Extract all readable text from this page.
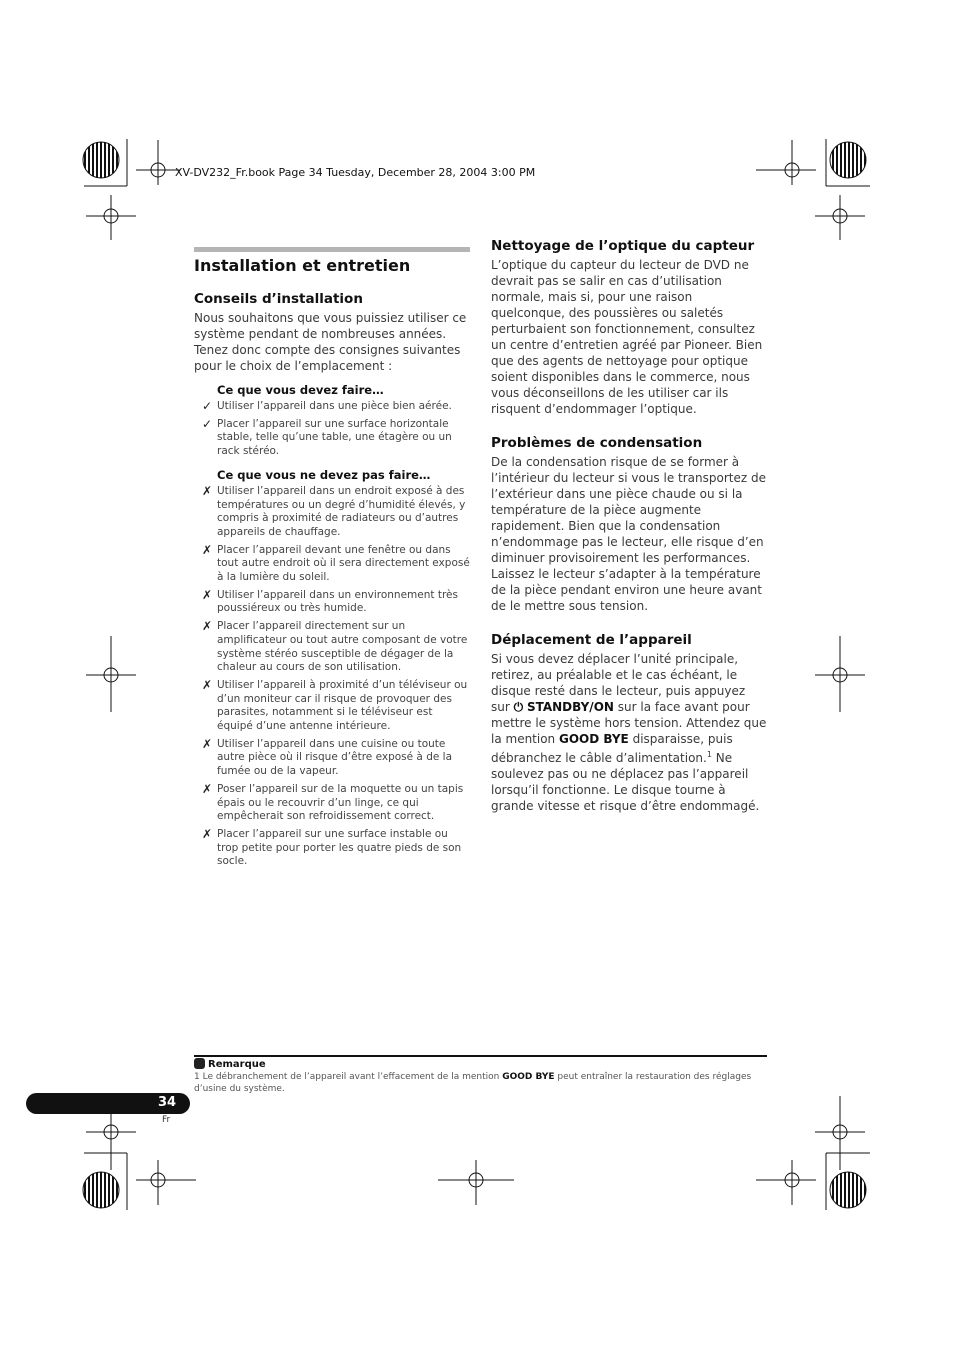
XV-DV232_Fr.book Page 34 Tuesday, December 28, 2004 3:00 PM
Installation et entretien
Conseils d’installation

Nous souhaitons que vous puissiez utiliser ce système pendant de nombreuses années. Tenez donc compte des consignes suivantes pour le choix de l’emplacement :

Ce que vous devez faire…
✓ Utiliser l’appareil dans une pièce bien aérée.
✓ Placer l’appareil sur une surface horizontale stable, telle qu’une table, une étagère ou un rack stéréo.
Ce que vous ne devez pas faire…
✗ Utiliser l’appareil dans un endroit exposé à des températures ou un degré d’humidité élevés, y compris à proximité de radiateurs ou d’autres appareils de chauffage.
✗ Placer l’appareil devant une fenêtre ou dans tout autre endroit où il sera directement exposé à la lumière du soleil.
✗ Utiliser l’appareil dans un environnement très poussiéreux ou très humide.
✗ Placer l’appareil directement sur un amplificateur ou tout autre composant de votre système stéréo susceptible de dégager de la chaleur au cours de son utilisation.
✗ Utiliser l’appareil à proximité d’un téléviseur ou d’un moniteur car il risque de provoquer des parasites, notamment si le téléviseur est équipé d’une antenne intérieure.
✗ Utiliser l’appareil dans une cuisine ou toute autre pièce où il risque d’être exposé à de la fumée ou de la vapeur.
✗ Poser l’appareil sur de la moquette ou un tapis épais ou le recouvrir d’un linge, ce qui empêcherait son refroidissement correct.
✗ Placer l’appareil sur une surface instable ou trop petite pour porter les quatre pieds de son socle.
Nettoyage de l’optique du capteur

L’optique du capteur du lecteur de DVD ne devrait pas se salir en cas d’utilisation normale, mais si, pour une raison quelconque, des poussières ou saletés perturbaient son fonctionnement, consultez un centre d’entretien agréé par Pioneer. Bien que des agents de nettoyage pour optique soient disponibles dans le commerce, nous vous déconseillons de les utiliser car ils risquent d’endommager l’optique.

Problèmes de condensation

De la condensation risque de se former à l’intérieur du lecteur si vous le transportez de l’extérieur dans une pièce chaude ou si la température de la pièce augmente rapidement. Bien que la condensation n’endommage pas le lecteur, elle risque d’en diminuer provisoirement les performances. Laissez le lecteur s’adapter à la température de la pièce pendant environ une heure avant de le mettre sous tension.

Déplacement de l’appareil

Si vous devez déplacer l’unité principale, retirez, au préalable et le cas échéant, le disque resté dans le lecteur, puis appuyez sur ⏻ STANDBY/ON sur la face avant pour mettre le système hors tension. Attendez que la mention GOOD BYE disparaisse, puis débranchez le câble d’alimentation.$^1$ Ne soulevez pas ou ne déplacez pas l’appareil lorsqu’il fonctionne. Le disque tourne à grande vitesse et risque d’être endommagé.

Remarque
1 Le débranchement de l’appareil avant l’effacement de la mention GOOD BYE peut entraîner la restauration des réglages d’usine du système.
34
Fr
